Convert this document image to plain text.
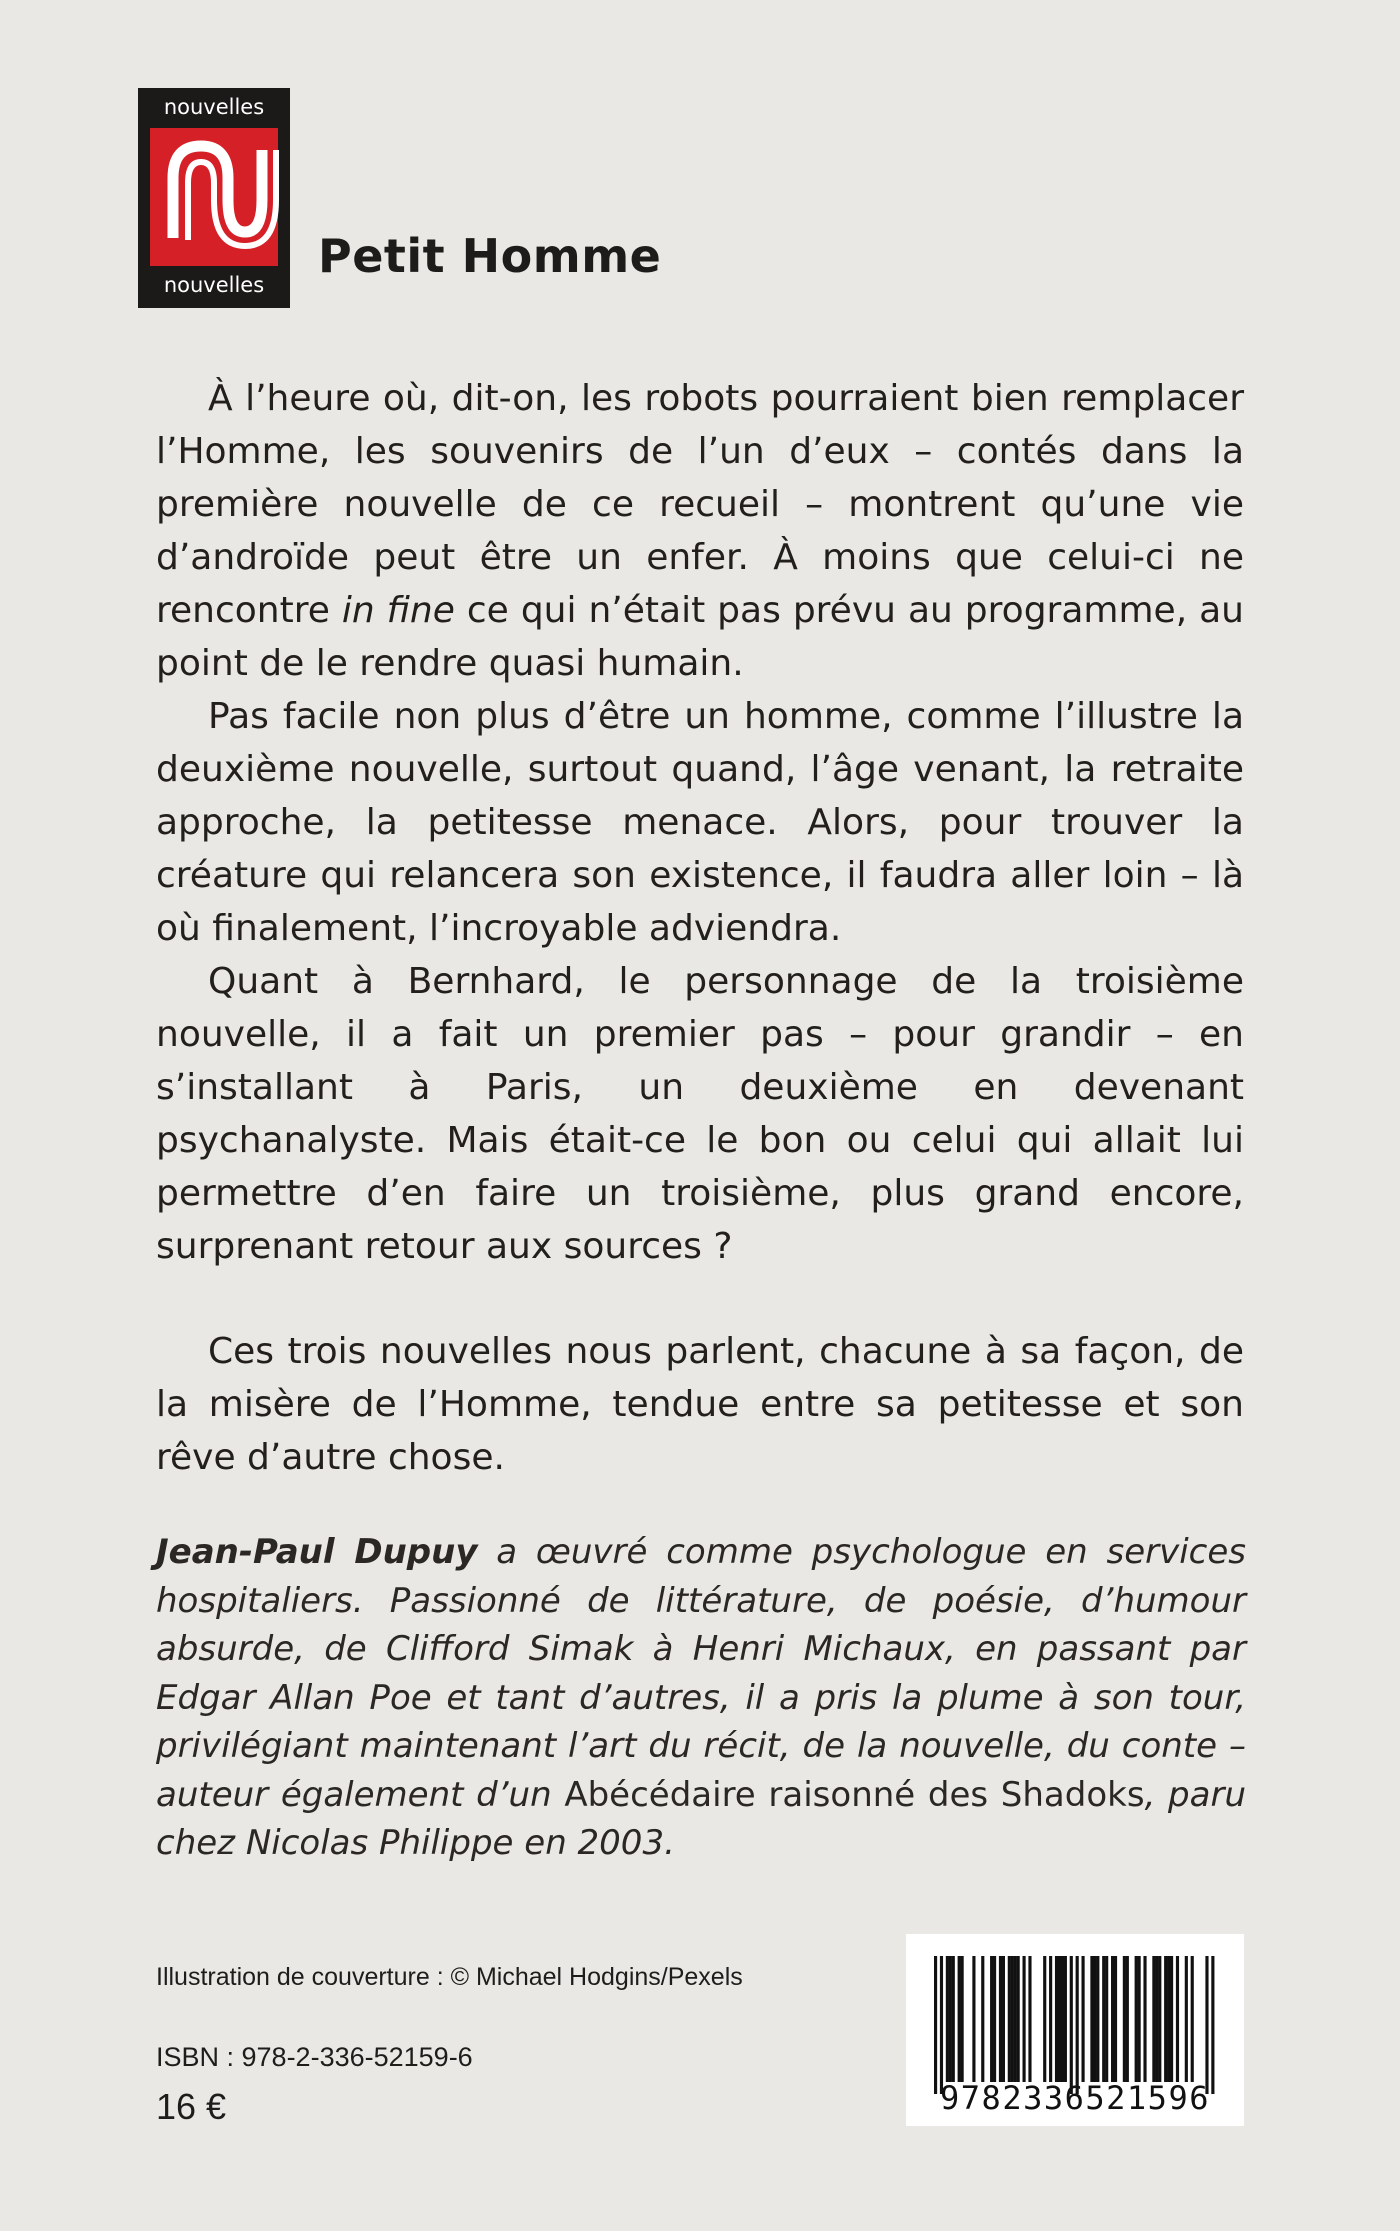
nouvelles
nouvelles
Petit Homme

À l’heure où, dit-on, les robots pourraient bien remplacer l’Homme, les souvenirs de l’un d’eux – contés dans la première nouvelle de ce recueil – montrent qu’une vie d’androïde peut être un enfer. À moins que celui-ci ne rencontre in fine ce qui n’était pas prévu au programme, au point de le rendre quasi humain.

Pas facile non plus d’être un homme, comme l’illustre la deuxième nouvelle, surtout quand, l’âge venant, la retraite approche, la petitesse menace. Alors, pour trouver la créature qui relancera son existence, il faudra aller loin – là où finalement, l’incroyable adviendra.

Quant à Bernhard, le personnage de la troisième nouvelle, il a fait un premier pas – pour grandir – en s’installant à Paris, un deuxième en devenant psychanalyste. Mais était-ce le bon ou celui qui allait lui permettre d’en faire un troisième, plus grand encore, surprenant retour aux sources ?

Ces trois nouvelles nous parlent, chacune à sa façon, de la misère de l’Homme, tendue entre sa petitesse et son rêve d’autre chose.

Jean-Paul Dupuy a œuvré comme psychologue en services hospitaliers. Passionné de littérature, de poésie, d’humour absurde, de Clifford Simak à Henri Michaux, en passant par Edgar Allan Poe et tant d’autres, il a pris la plume à son tour, privilégiant maintenant l’art du récit, de la nouvelle, du conte – auteur également d’un Abécédaire raisonné des Shadoks, paru chez Nicolas Philippe en 2003.

Illustration de couverture : © Michael Hodgins/Pexels
ISBN : 978-2-336-52159-6
16 €	9782336521596
